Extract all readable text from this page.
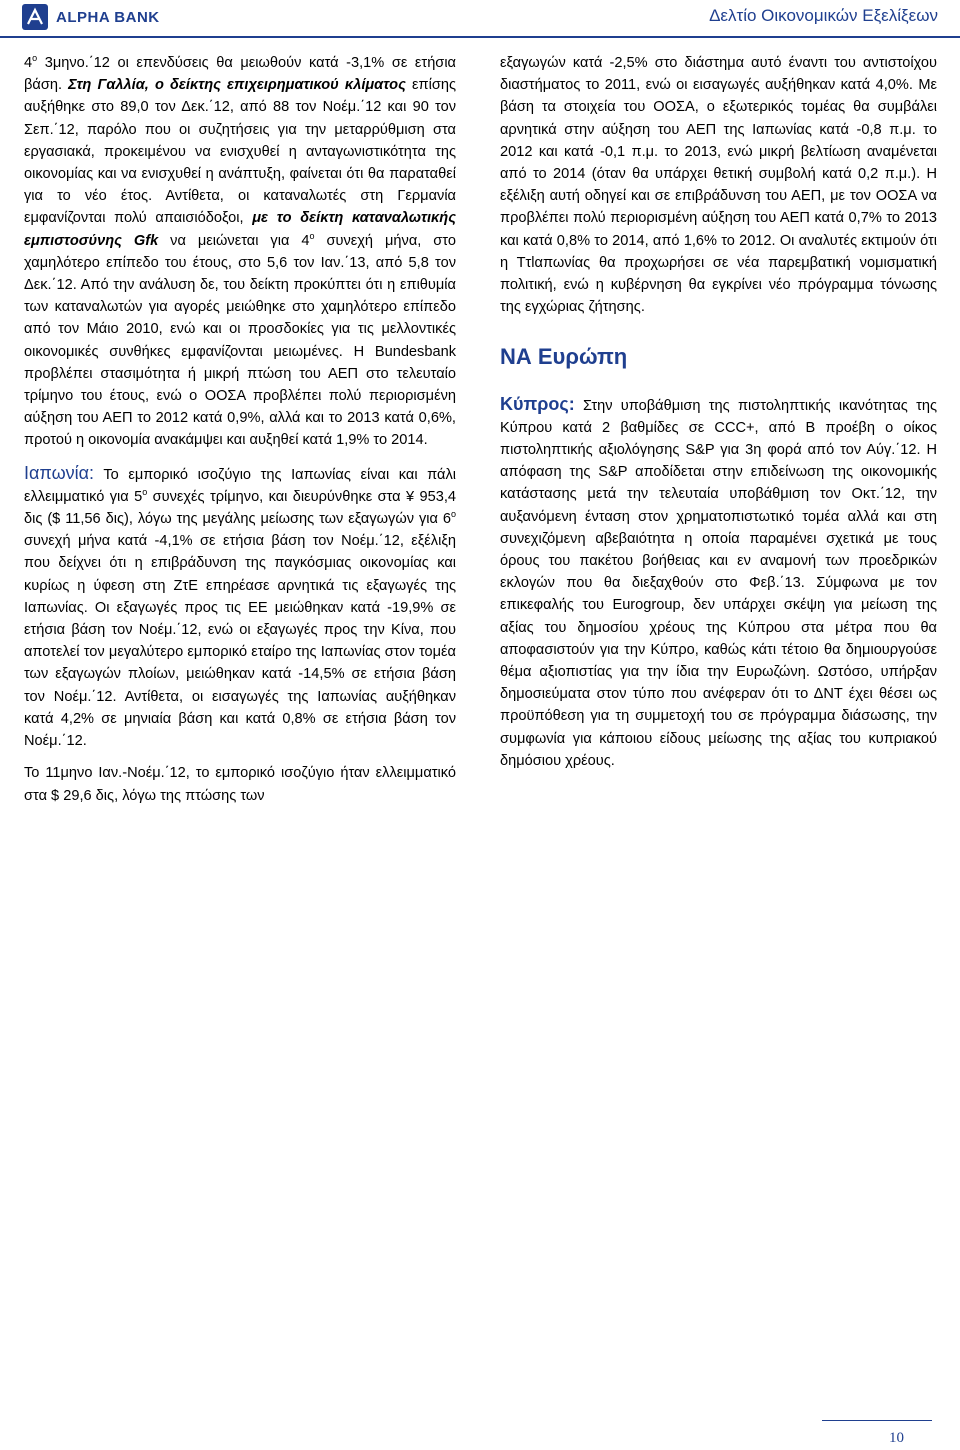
ALPHA BANK	Δελτίο Οικονομικών Εξελίξεων

$4^o$ 3μηνο.΄12 οι επενδύσεις θα μειωθούν κατά -3,1% σε ετήσια βάση. Στη Γαλλία, ο δείκτης επιχειρηματικού κλίματος επίσης αυξήθηκε στο 89,0 τον Δεκ.΄12, από 88 τον Νοέμ.΄12 και 90 τον Σεπ.΄12, παρόλο που οι συζητήσεις για την μεταρρύθμιση στα εργασιακά, προκειμένου να ενισχυθεί η ανταγωνιστικότητα της οικονομίας και να ενισχυθεί η ανάπτυξη, φαίνεται ότι θα παραταθεί για το νέο έτος. Αντίθετα, οι καταναλωτές στη Γερμανία εμφανίζονται πολύ απαισιόδοξοι, με το δείκτη καταναλωτικής εμπιστοσύνης Gfk να μειώνεται για $4^o$ συνεχή μήνα, στο χαμηλότερο επίπεδο του έτους, στο 5,6 τον Ιαν.΄13, από 5,8 τον Δεκ.΄12. Από την ανάλυση δε, του δείκτη προκύπτει ότι η επιθυμία των καταναλωτών για αγορές μειώθηκε στο χαμηλότερο επίπεδο από τον Μάιο 2010, ενώ και οι προσδοκίες για τις μελλοντικές οικονομικές συνθήκες εμφανίζονται μειωμένες. Η Bundesbank προβλέπει στασιμότητα ή μικρή πτώση του ΑΕΠ στο τελευταίο τρίμηνο του έτους, ενώ ο ΟΟΣΑ προβλέπει πολύ περιορισμένη αύξηση του ΑΕΠ το 2012 κατά 0,9%, αλλά και το 2013 κατά 0,6%, προτού η οικονομία ανακάμψει και αυξηθεί κατά 1,9% το 2014.

Ιαπωνία: Το εμπορικό ισοζύγιο της Ιαπωνίας είναι και πάλι ελλειμματικό για $5^o$ συνεχές τρίμηνο, και διευρύνθηκε στα ¥ 953,4 δις ($ 11,56 δις), λόγω της μεγάλης μείωσης των εξαγωγών για $6^o$ συνεχή μήνα κατά -4,1% σε ετήσια βάση τον Νοέμ.΄12, εξέλιξη που δείχνει ότι η επιβράδυνση της παγκόσμιας οικονομίας και κυρίως η ύφεση στη ΖτΕ επηρέασε αρνητικά τις εξαγωγές της Ιαπωνίας. Οι εξαγωγές προς τις ΕΕ μειώθηκαν κατά -19,9% σε ετήσια βάση τον Νοέμ.΄12, ενώ οι εξαγωγές προς την Κίνα, που αποτελεί τον μεγαλύτερο εμπορικό εταίρο της Ιαπωνίας στον τομέα των εξαγωγών πλοίων, μειώθηκαν κατά -14,5% σε ετήσια βάση τον Νοέμ.΄12. Αντίθετα, οι εισαγωγές της Ιαπωνίας αυξήθηκαν κατά 4,2% σε μηνιαία βάση και κατά 0,8% σε ετήσια βάση τον Νοέμ.΄12.

Το 11μηνο Ιαν.-Νοέμ.΄12, το εμπορικό ισοζύγιο ήταν ελλειμματικό στα $ 29,6 δις, λόγω της πτώσης των

εξαγωγών κατά -2,5% στο διάστημα αυτό έναντι του αντιστοίχου διαστήματος το 2011, ενώ οι εισαγωγές αυξήθηκαν κατά 4,0%. Με βάση τα στοιχεία του ΟΟΣΑ, ο εξωτερικός τομέας θα συμβάλει αρνητικά στην αύξηση του ΑΕΠ της Ιαπωνίας κατά -0,8 π.μ. το 2012 και κατά -0,1 π.μ. το 2013, ενώ μικρή βελτίωση αναμένεται από το 2014 (όταν θα υπάρχει θετική συμβολή κατά 0,2 π.μ.). Η εξέλιξη αυτή οδηγεί και σε επιβράδυνση του ΑΕΠ, με τον ΟΟΣΑ να προβλέπει πολύ περιορισμένη αύξηση του ΑΕΠ κατά 0,7% το 2013 και κατά 0,8% το 2014, από 1,6% το 2012. Οι αναλυτές εκτιμούν ότι η Ττlαπωνίας θα προχωρήσει σε νέα παρεμβατική νομισματική πολιτική, ενώ η κυβέρνηση θα εγκρίνει νέο πρόγραμμα τόνωσης της εγχώριας ζήτησης.

ΝΑ Ευρώπη

Κύπρος: Στην υποβάθμιση της πιστοληπτικής ικανότητας της Κύπρου κατά 2 βαθμίδες σε CCC+, από Β προέβη ο οίκος πιστοληπτικής αξιολόγησης S&P για 3η φορά από τον Αύγ.΄12. Η απόφαση της S&P αποδίδεται στην επιδείνωση της οικονομικής κατάστασης μετά την τελευταία υποβάθμιση τον Οκτ.΄12, την αυξανόμενη ένταση στον χρηματοπιστωτικό τομέα αλλά και στη συνεχιζόμενη αβεβαιότητα η οποία παραμένει σχετικά με τους όρους του πακέτου βοήθειας και εν αναμονή των προεδρικών εκλογών που θα διεξαχθούν στο Φεβ.΄13. Σύμφωνα με τον επικεφαλής του Eurogroup, δεν υπάρχει σκέψη για μείωση της αξίας του δημοσίου χρέους της Κύπρου στα μέτρα που θα αποφασιστούν για την Κύπρο, καθώς κάτι τέτοιο θα δημιουργούσε θέμα αξιοπιστίας για την ίδια την Ευρωζώνη. Ωστόσο, υπήρξαν δημοσιεύματα στον τύπο που ανέφεραν ότι το ΔΝΤ έχει θέσει ως προϋπόθεση για τη συμμετοχή του σε πρόγραμμα διάσωσης, την συμφωνία για κάποιου είδους μείωσης της αξίας του κυπριακού δημόσιου χρέους.

10
